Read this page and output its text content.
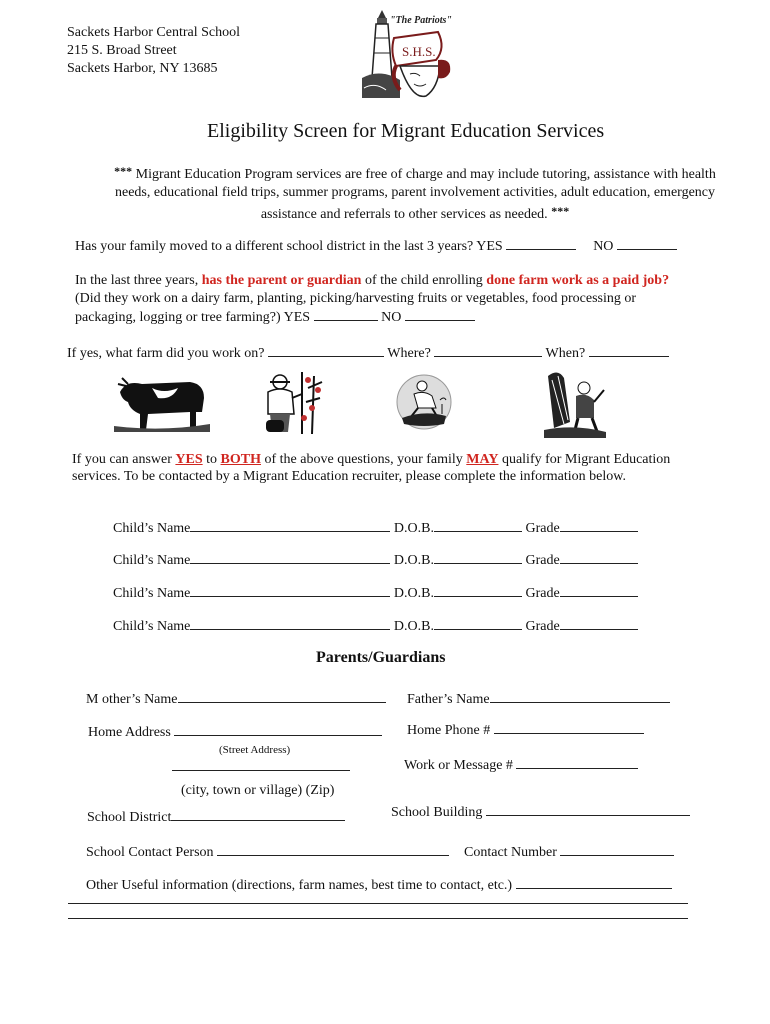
Sackets Harbor Central School
215 S. Broad Street
Sackets Harbor, NY 13685
"The Patriots"
S.H.S.
Eligibility Screen for Migrant Education Services
*** Migrant Education Program services are free of charge and may include tutoring, assistance with health needs, educational field trips, summer programs, parent involvement activities, adult education, emergency assistance and referrals to other services as needed. ***
Has your family moved to a different school district in the last 3 years? YES	NO
In the last three years, has the parent or guardian of the child enrolling done farm work as a paid job?
(Did they work on a dairy farm, planting, picking/harvesting fruits or vegetables, food processing or
packaging, logging or tree farming?) YES	NO
If yes, what farm did you work on?	Where?	When?
If you can answer YES to BOTH of the above questions, your family MAY qualify for Migrant Education
services. To be contacted by a Migrant Education recruiter, please complete the information below.
Child’s Name	D.O.B.	Grade
Child’s Name	D.O.B.	Grade
Child’s Name	D.O.B.	Grade
Child’s Name	D.O.B.	Grade
Parents/Guardians
M other’s Name	Father’s Name
Home Address	Home Phone #
(Street Address)
Work or Message #
(city, town or village) (Zip)
School District	School Building
School Contact Person	Contact Number
Other Useful information (directions, farm names, best time to contact, etc.)
